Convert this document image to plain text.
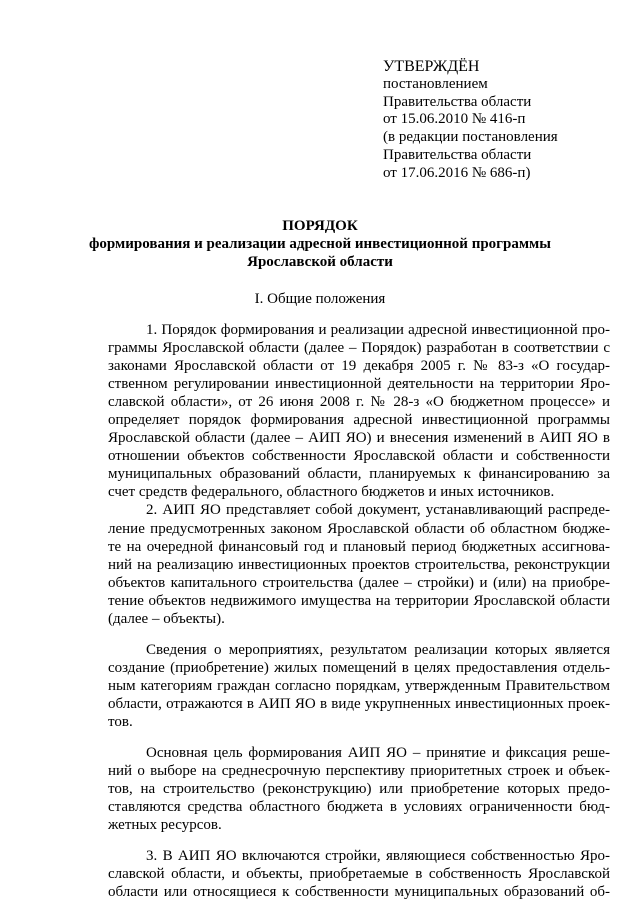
УТВЕРЖДЁН
постановлением
Правительства области
от 15.06.2010 № 416-п
(в редакции постановления
Правительства области
от 17.06.2016 № 686-п)
ПОРЯДОК
формирования и реализации адресной инвестиционной программы
Ярославской области
I. Общие положения
1. Порядок формирования и реализации адресной инвестиционной про-
граммы Ярославской области (далее – Порядок) разработан в соответствии с
законами Ярославской области от 19 декабря 2005 г. № 83-з «О государ-
ственном регулировании инвестиционной деятельности на территории Яро-
славской области», от 26 июня 2008 г. № 28-з «О бюджетном процессе» и
определяет порядок формирования адресной инвестиционной программы
Ярославской области (далее – АИП ЯО) и внесения изменений в АИП ЯО в
отношении объектов собственности Ярославской области и собственности
муниципальных образований области, планируемых к финансированию за
счет средств федерального, областного бюджетов и иных источников.
2. АИП ЯО представляет собой документ, устанавливающий распреде-
ление предусмотренных законом Ярославской области об областном бюдже-
те на очередной финансовый год и плановый период бюджетных ассигнова-
ний на реализацию инвестиционных проектов строительства, реконструкции
объектов капитального строительства (далее – стройки) и (или) на приобре-
тение объектов недвижимого имущества на территории Ярославской области
(далее – объекты).
Сведения о мероприятиях, результатом реализации которых является
создание (приобретение) жилых помещений в целях предоставления отдель-
ным категориям граждан согласно порядкам, утвержденным Правительством
области, отражаются в АИП ЯО в виде укрупненных инвестиционных проек-
тов.
Основная цель формирования АИП ЯО – принятие и фиксация реше-
ний о выборе на среднесрочную перспективу приоритетных строек и объек-
тов, на строительство (реконструкцию) или приобретение которых предо-
ставляются средства областного бюджета в условиях ограниченности бюд-
жетных ресурсов.
3. В АИП ЯО включаются стройки, являющиеся собственностью Яро-
славской области, и объекты, приобретаемые в собственность Ярославской
области или относящиеся к собственности муниципальных образований об-
